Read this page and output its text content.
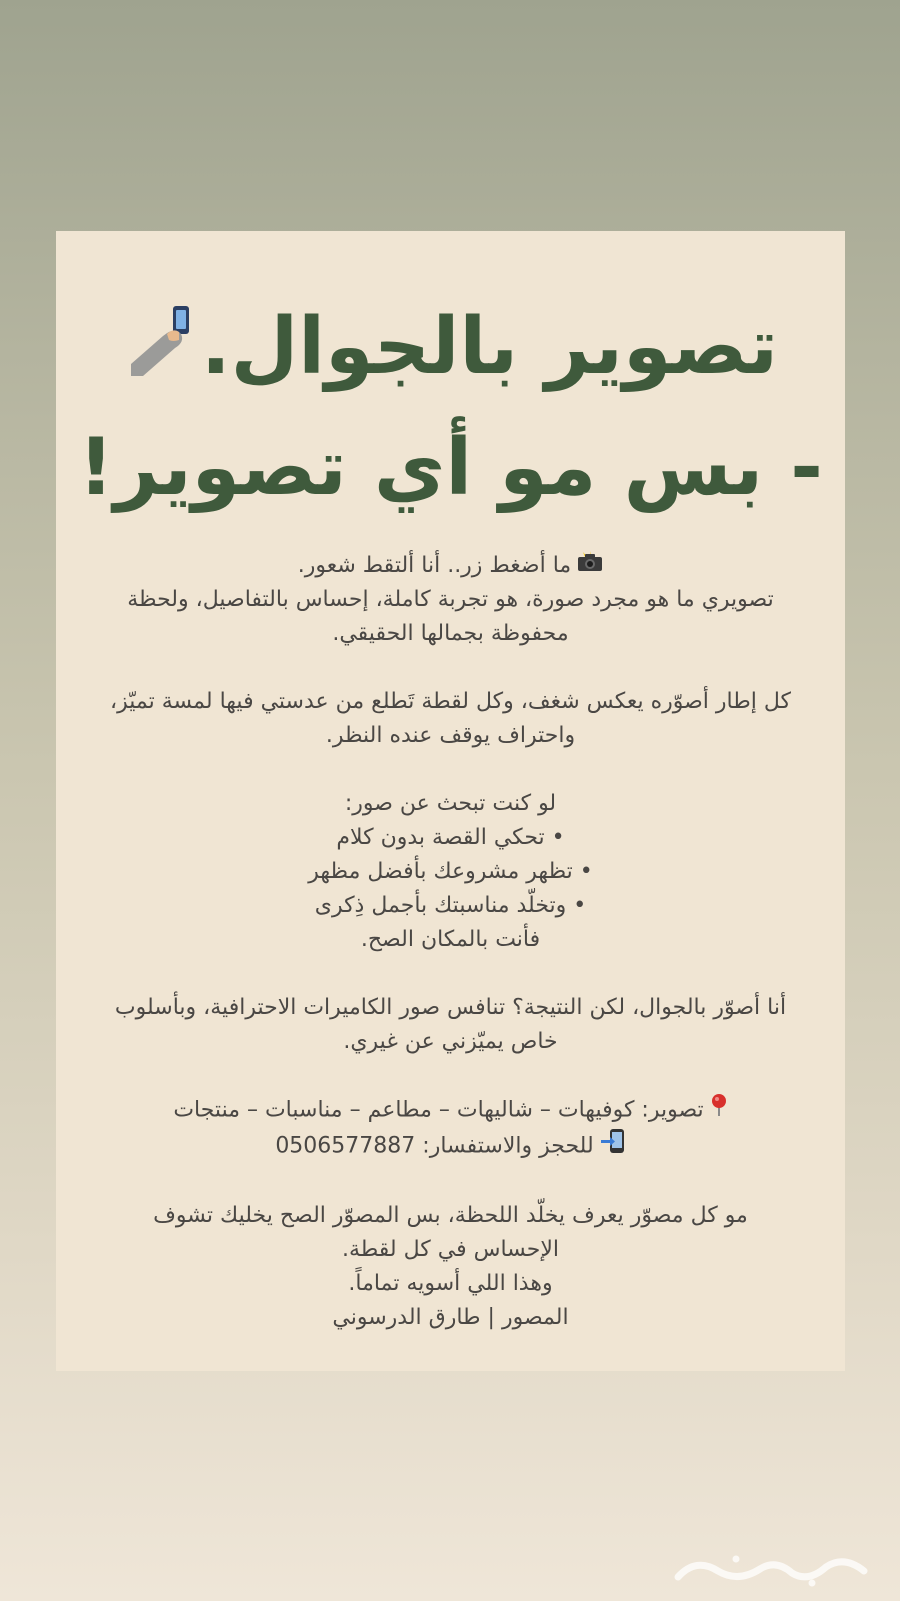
تصوير بالجوال.
- بس مو أي تصوير!

ما أضغط زر.. أنا ألتقط شعور.
تصويري ما هو مجرد صورة، هو تجربة كاملة، إحساس بالتفاصيل، ولحظة
محفوظة بجمالها الحقيقي.

كل إطار أصوّره يعكس شغف، وكل لقطة تَطلع من عدستي فيها لمسة تميّز،
واحتراف يوقف عنده النظر.

لو كنت تبحث عن صور:
• تحكي القصة بدون كلام
• تظهر مشروعك بأفضل مظهر
• وتخلّد مناسبتك بأجمل ذِكرى
فأنت بالمكان الصح.

أنا أصوّر بالجوال، لكن النتيجة؟ تنافس صور الكاميرات الاحترافية، وبأسلوب
خاص يميّزني عن غيري.

تصوير: كوفيهات – شاليهات – مطاعم – مناسبات – منتجات
للحجز والاستفسار: 0506577887

مو كل مصوّر يعرف يخلّد اللحظة، بس المصوّر الصح يخليك تشوف
الإحساس في كل لقطة.
وهذا اللي أسويه تماماً.
المصور | طارق الدرسوني
